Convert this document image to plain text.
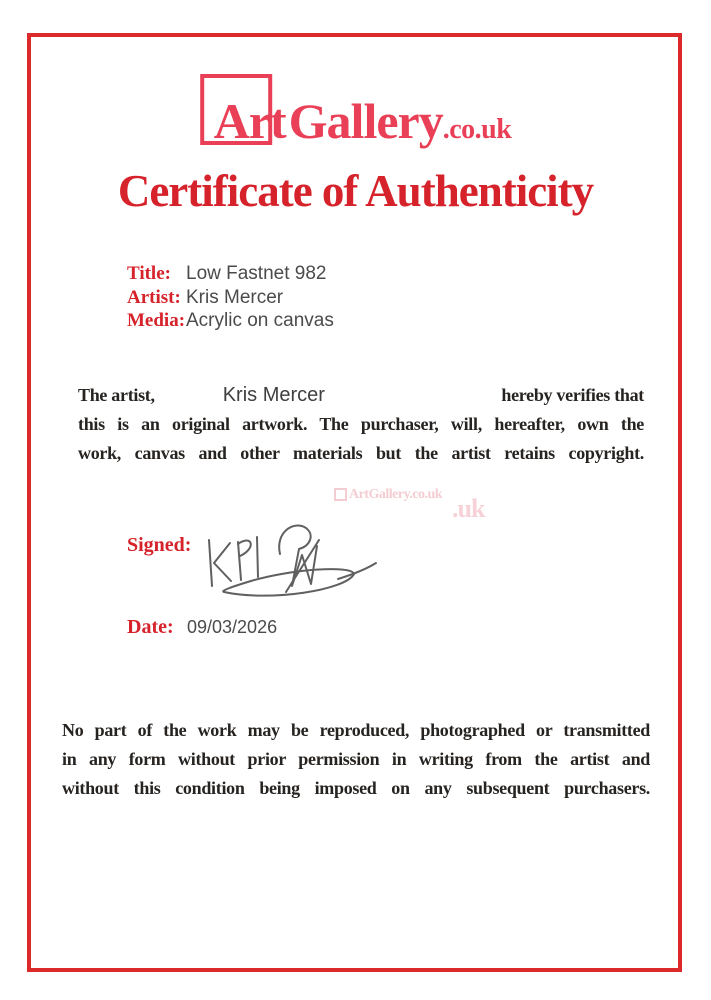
ArtGallery.co.uk
Certificate of Authenticity
Title: Low Fastnet 982
Artist: Kris Mercer
Media: Acrylic on canvas
The artist,	Kris Mercer	hereby verifies that
this is an original artwork. The purchaser, will, hereafter, own the
work, canvas and other materials but the artist retains copyright.
ArtGallery.co.uk .uk
Signed:
Date: 09/03/2026
No part of the work may be reproduced, photographed or transmitted
in any form without prior permission in writing from the artist and
without this condition being imposed on any subsequent purchasers.
